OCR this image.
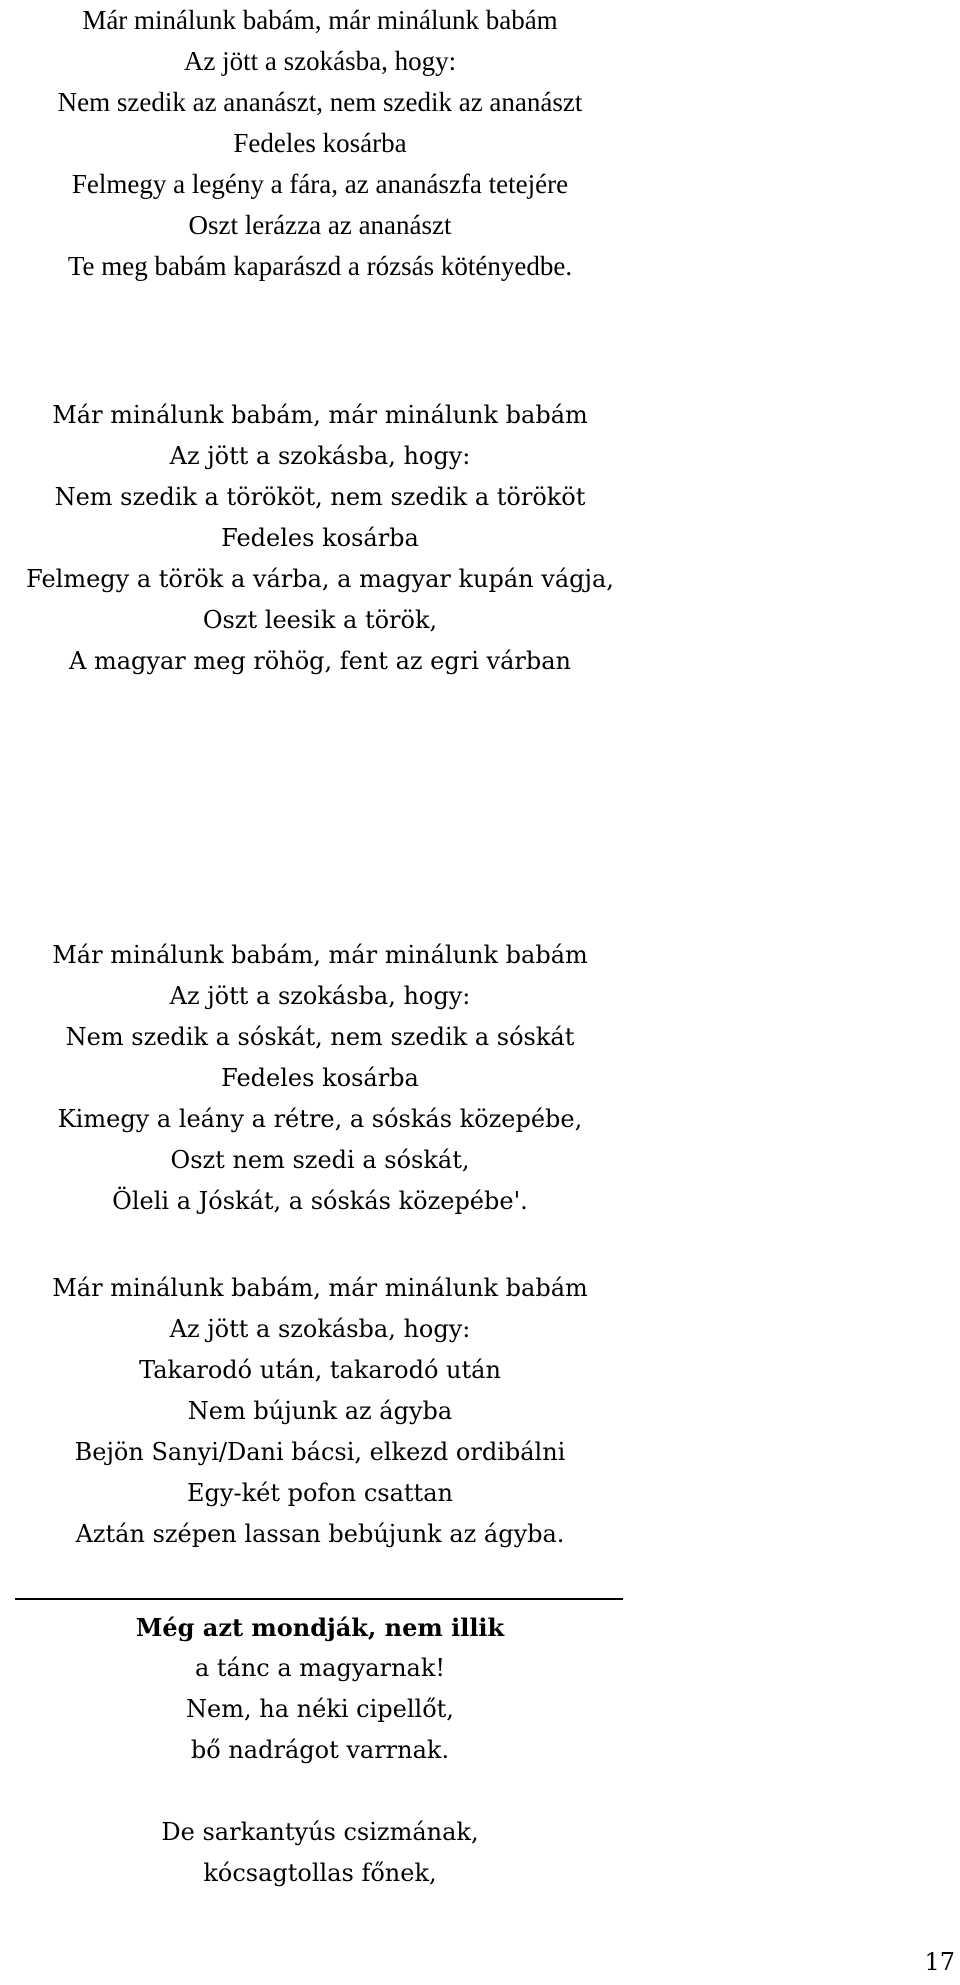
Már minálunk babám, már minálunk babám
Az jött a szokásba, hogy:
Nem szedik az ananászt, nem szedik az ananászt
Fedeles kosárba
Felmegy a legény a fára, az ananászfa tetejére
Oszt lerázza az ananászt
Te meg babám kaparászd a rózsás kötényedbe.
Már minálunk babám, már minálunk babám
Az jött a szokásba, hogy:
Nem szedik a törököt, nem szedik a törököt
Fedeles kosárba
Felmegy a török a várba, a magyar kupán vágja,
Oszt leesik a török,
A magyar meg röhög, fent az egri várban
Már minálunk babám, már minálunk babám
Az jött a szokásba, hogy:
Nem szedik a sóskát, nem szedik a sóskát
Fedeles kosárba
Kimegy a leány a rétre, a sóskás közepébe,
Oszt nem szedi a sóskát,
Öleli a Jóskát, a sóskás közepébe'.
Már minálunk babám, már minálunk babám
Az jött a szokásba, hogy:
Takarodó után, takarodó után
Nem bújunk az ágyba
Bejön Sanyi/Dani bácsi, elkezd ordibálni
Egy-két pofon csattan
Aztán szépen lassan bebújunk az ágyba.
Még azt mondják, nem illik
a tánc a magyarnak!
Nem, ha néki cipellőt,
bő nadrágot varrnak.
De sarkantyús csizmának,
kócsagtollas főnek,
17
